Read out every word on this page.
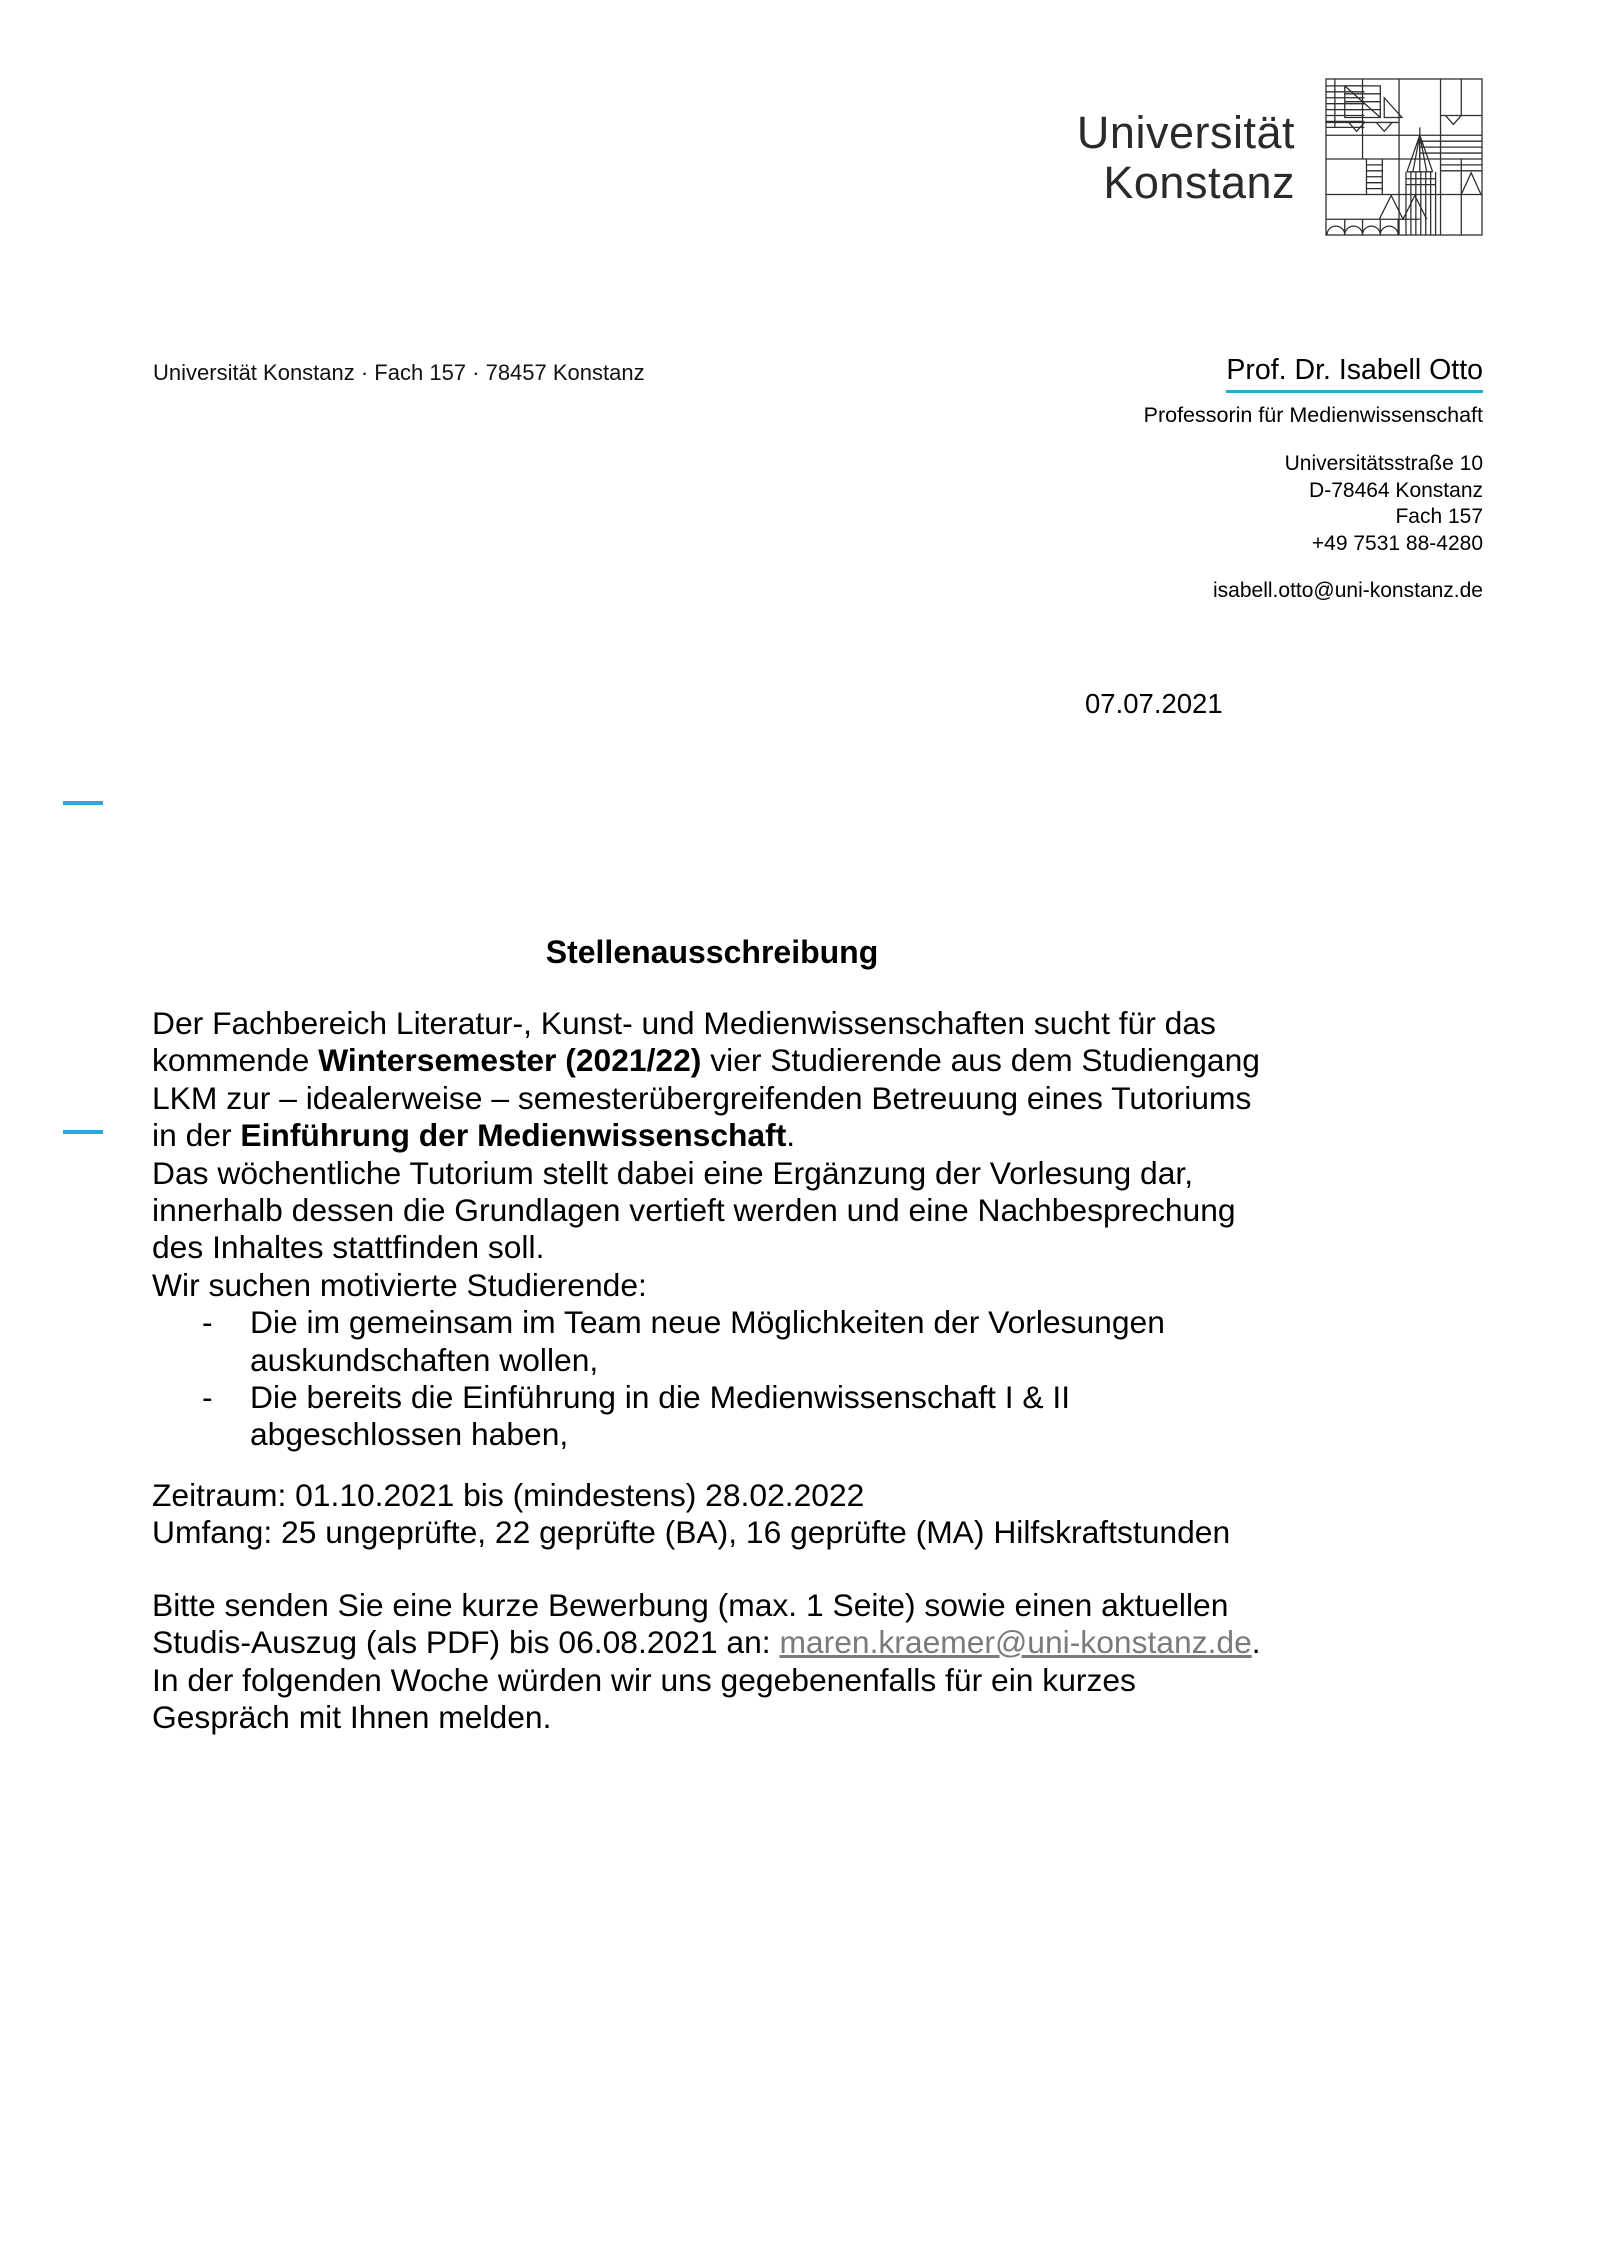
Universität
Konstanz
Universität Konstanz · Fach 157 · 78457 Konstanz	Prof. Dr. Isabell Otto
Professorin für Medienwissenschaft
Universitätsstraße 10
D-78464 Konstanz
Fach 157
+49 7531 88-4280
isabell.otto@uni-konstanz.de
07.07.2021
Stellenausschreibung

Der Fachbereich Literatur-, Kunst- und Medienwissenschaften sucht für das kommende Wintersemester (2021/22) vier Studierende aus dem Studiengang LKM zur – idealerweise – semesterübergreifenden Betreuung eines Tutoriums in der Einführung der Medienwissenschaft.

Das wöchentliche Tutorium stellt dabei eine Ergänzung der Vorlesung dar, innerhalb dessen die Grundlagen vertieft werden und eine Nachbesprechung des Inhaltes stattfinden soll.

Wir suchen motivierte Studierende:

-	Die im gemeinsam im Team neue Möglichkeiten der Vorlesungen auskundschaften wollen,
-	Die bereits die Einführung in die Medienwissenschaft I & II abgeschlossen haben,

Zeitraum: 01.10.2021 bis (mindestens) 28.02.2022

Umfang: 25 ungeprüfte, 22 geprüfte (BA), 16 geprüfte (MA) Hilfskraftstunden

Bitte senden Sie eine kurze Bewerbung (max. 1 Seite) sowie einen aktuellen Studis-Auszug (als PDF) bis 06.08.2021 an: maren.kraemer@uni-konstanz.de. In der folgenden Woche würden wir uns gegebenenfalls für ein kurzes Gespräch mit Ihnen melden.
